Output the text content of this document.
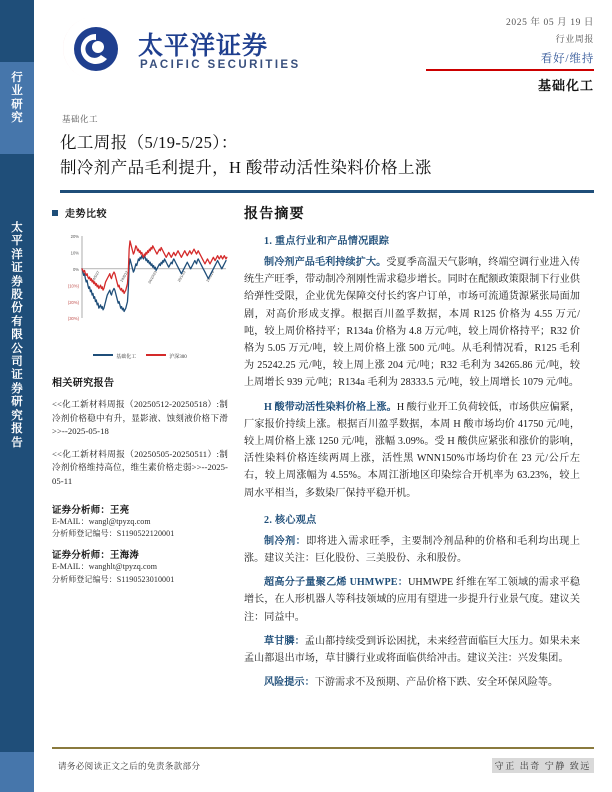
行
业
研
究
太
平
洋
证
券
股
份
有
限
公
司
证
券
研
究
报
告
太平洋证券
PACIFIC SECURITIES
2025 年 05 月 19 日
行业周报
看好/维持
基础化工
基础化工
化工周报（5/19-5/25）：
制冷剂产品毛利提升，H 酸带动活性染料价格上涨
走势比较
20%
10%
0%
(10%)
(20%)
(30%)
24/5/27	24/8/12	24/10/23	25/1/13	25/3/26
基础化工	沪深300
相关研究报告
<<化工新材料周报（20250512-20250518）:制冷剂价格稳中有升，显影液、蚀刻液价格下滑>>--2025-05-18
<<化工新材料周报（20250505-20250511）:制冷剂价格维持高位，维生素价格走弱>>--2025-05-11
证券分析师：王亮
E-MAIL：wangl@tpyzq.com
分析师登记编号：S1190522120001
证券分析师：王海涛
E-MAIL：wanghlt@tpyzq.com
分析师登记编号：S1190523010001
报告摘要
1. 重点行业和产品情况跟踪
制冷剂产品毛利持续扩大。受夏季高温天气影响，终端空调行业进入传统生产旺季，带动制冷剂刚性需求稳步增长。同时在配额政策限制下行业供给弹性受限，企业优先保障交付长约客户订单，市场可流通货源紧张局面加剧，对高价形成支撑。根据百川盈孚数据，本周 R125 价格为 4.55 万元/吨，较上周价格持平；R134a 价格为 4.8 万元/吨，较上周价格持平；R32 价格为 5.05 万元/吨，较上周价格上涨 500 元/吨。从毛利情况看，R125 毛利为 25242.25 元/吨，较上周上涨 204 元/吨；R32 毛利为 34265.86 元/吨，较上周增长 939 元/吨；R134a 毛利为 28333.5 元/吨，较上周增长 1079 元/吨。
H 酸带动活性染料价格上涨。H 酸行业开工负荷较低，市场供应偏紧，厂家报价持续上涨。根据百川盈孚数据，本周 H 酸市场均价 41750 元/吨，较上周价格上涨 1250 元/吨，涨幅 3.09%。受 H 酸供应紧张和涨价的影响，活性染料价格连续两周上涨，活性黑 WNN150%市场均价在 23 元/公斤左右，较上周涨幅为 4.55%。本周江浙地区印染综合开机率为 63.23%，较上周水平相当，多数染厂保持平稳开机。
2. 核心观点
制冷剂：即将进入需求旺季，主要制冷剂品种的价格和毛利均出现上涨。建议关注：巨化股份、三美股份、永和股份。
超高分子量聚乙烯 UHMWPE：UHMWPE 纤维在军工领域的需求平稳增长，在人形机器人等科技领域的应用有望进一步提升行业景气度。建议关注：同益中。
草甘膦：孟山都持续受到诉讼困扰，未来经营面临巨大压力。如果未来孟山都退出市场，草甘膦行业或将面临供给冲击。建议关注：兴发集团。
风险提示：下游需求不及预期、产品价格下跌、安全环保风险等。
请务必阅读正文之后的免责条款部分	守正 出奇 宁静 致远
